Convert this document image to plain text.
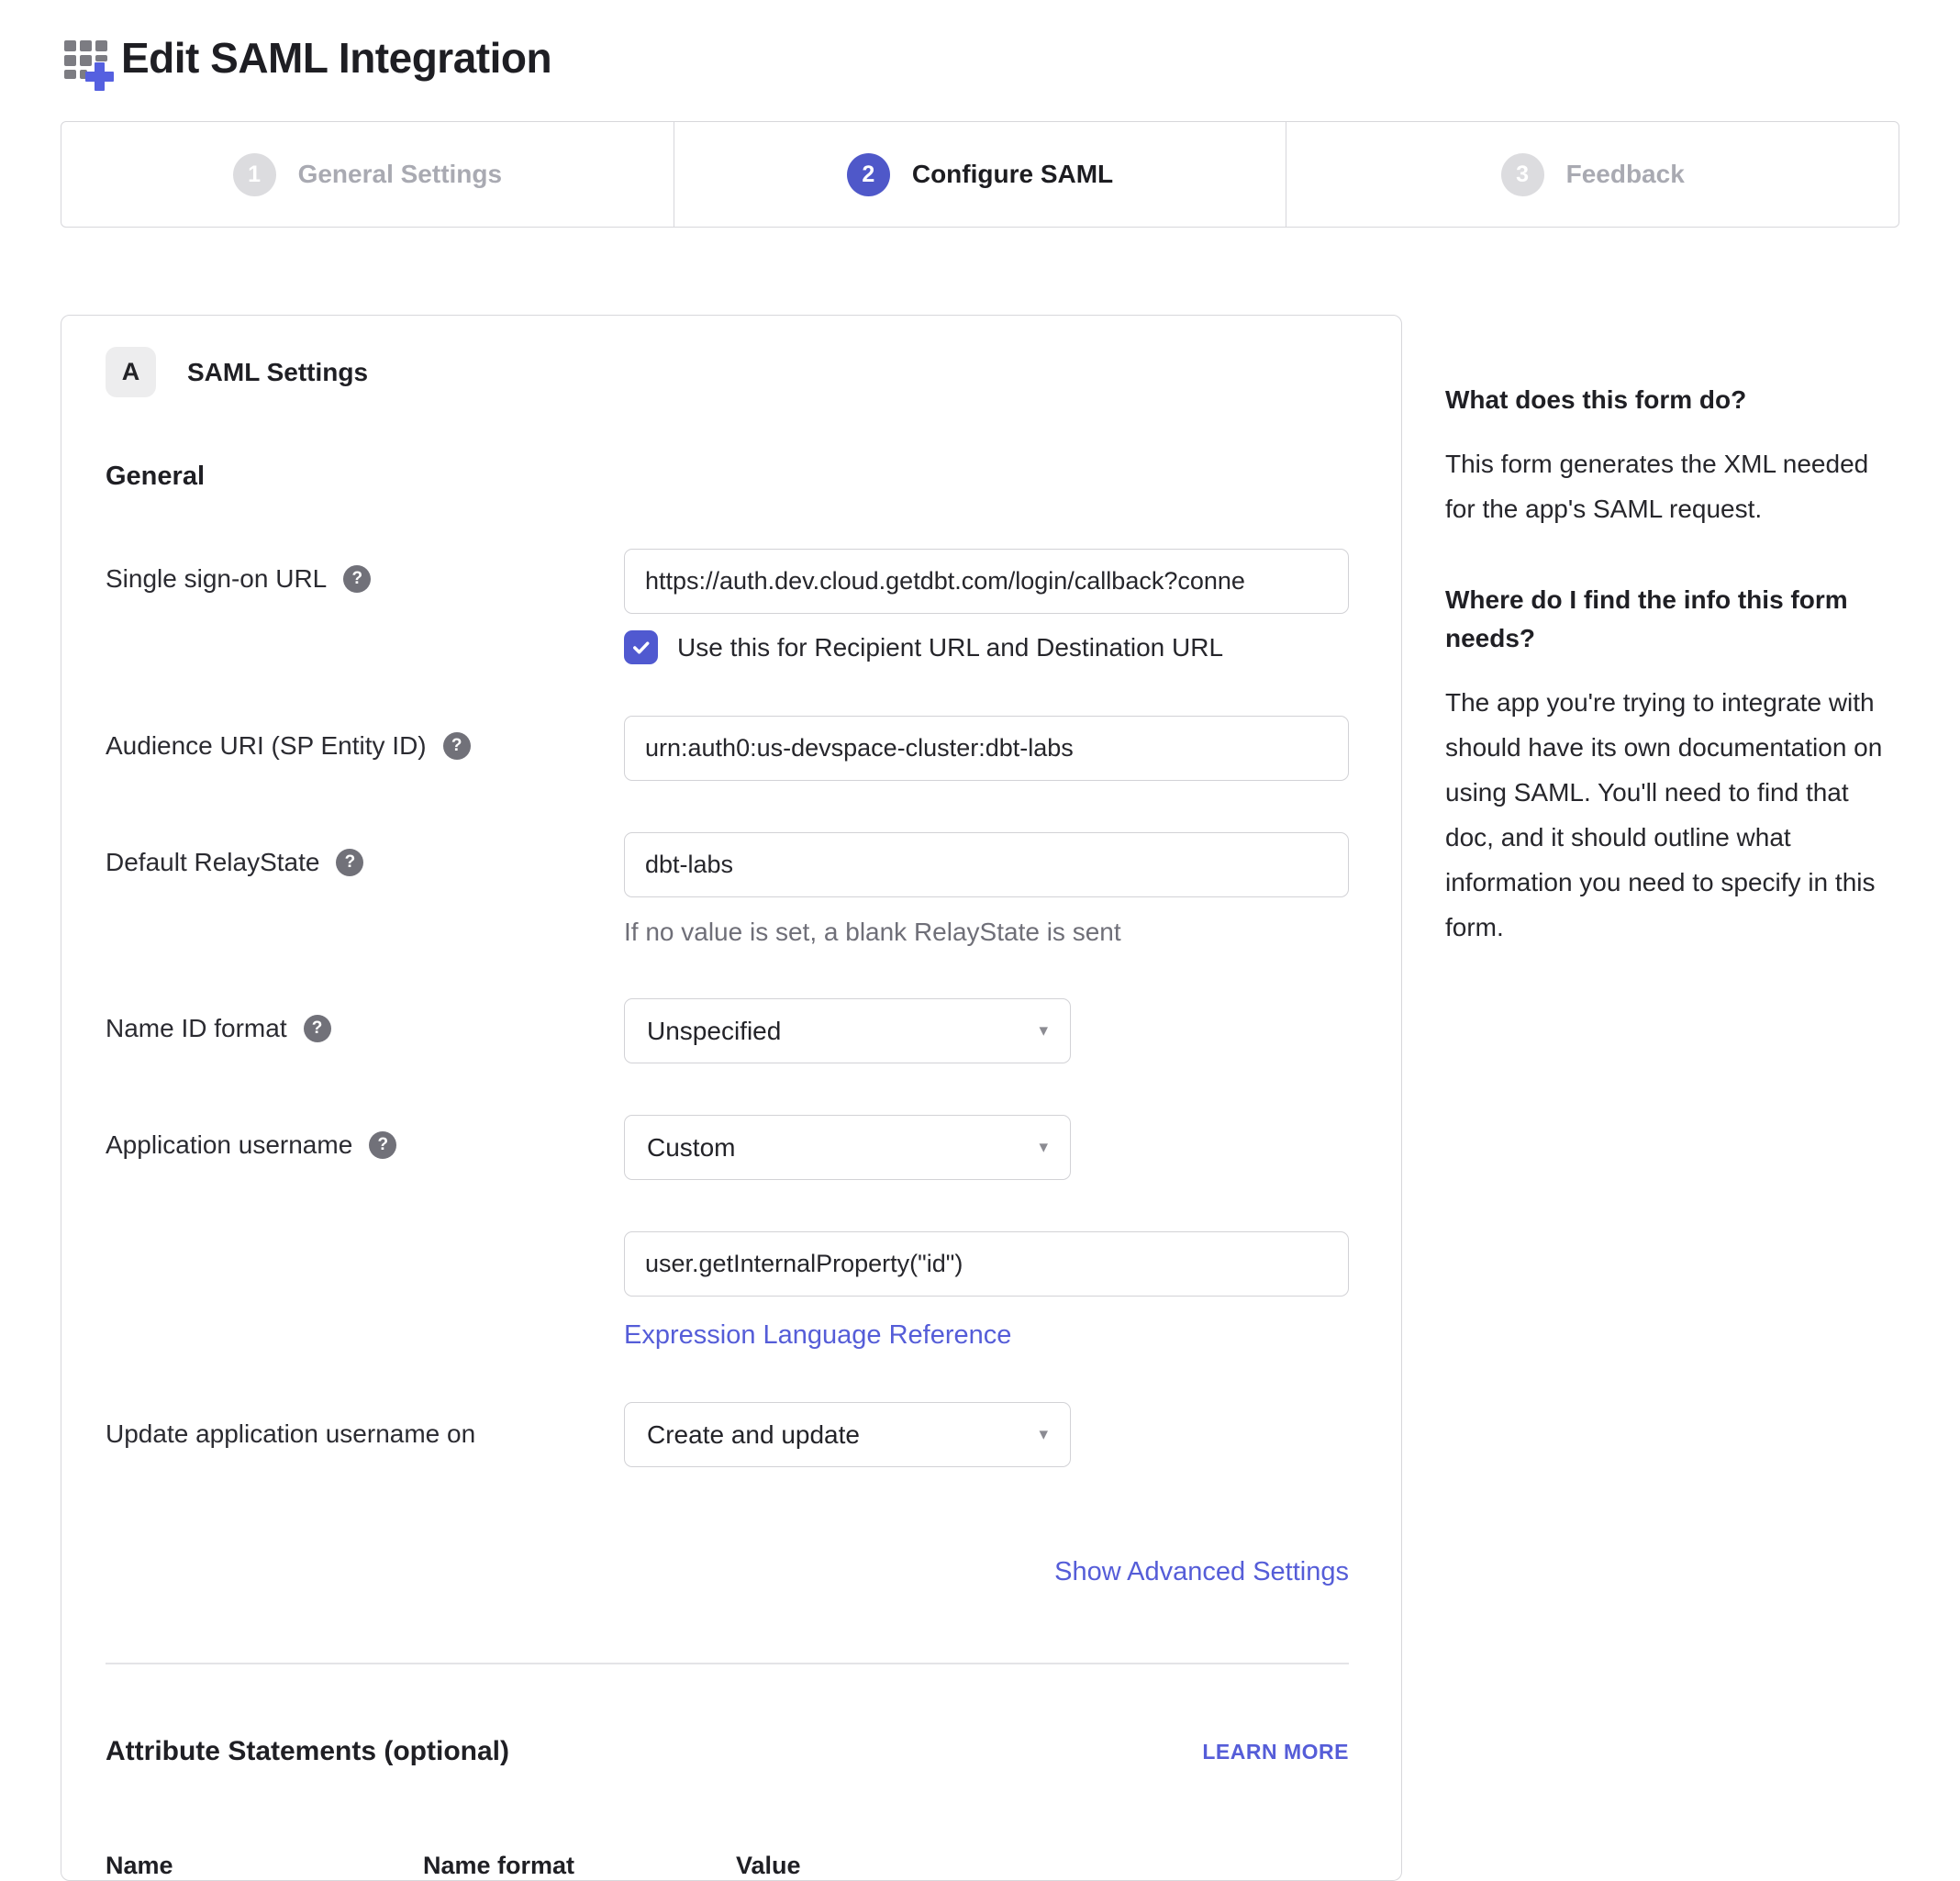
Edit SAML Integration
1	General Settings	2	Configure SAML	3	Feedback
A	SAML Settings
General
Single sign-on URL	?
https://auth.dev.cloud.getdbt.com/login/callback?conne
Use this for Recipient URL and Destination URL
Audience URI (SP Entity ID)	?
urn:auth0:us-devspace-cluster:dbt-labs
Default RelayState	?
dbt-labs
If no value is set, a blank RelayState is sent
Name ID format	?	Unspecified	▾
Application username	?	Custom	▾
user.getInternalProperty("id") Expression Language Reference
Update application username on	Create and update	▾
Show Advanced Settings
Attribute Statements (optional)	LEARN MORE
Name	Name format	Value
What does this form do?

This form generates the XML needed for the app's SAML request.

Where do I find the info this form needs?

The app you're trying to integrate with should have its own documentation on using SAML. You'll need to find that doc, and it should outline what information you need to specify in this form.
